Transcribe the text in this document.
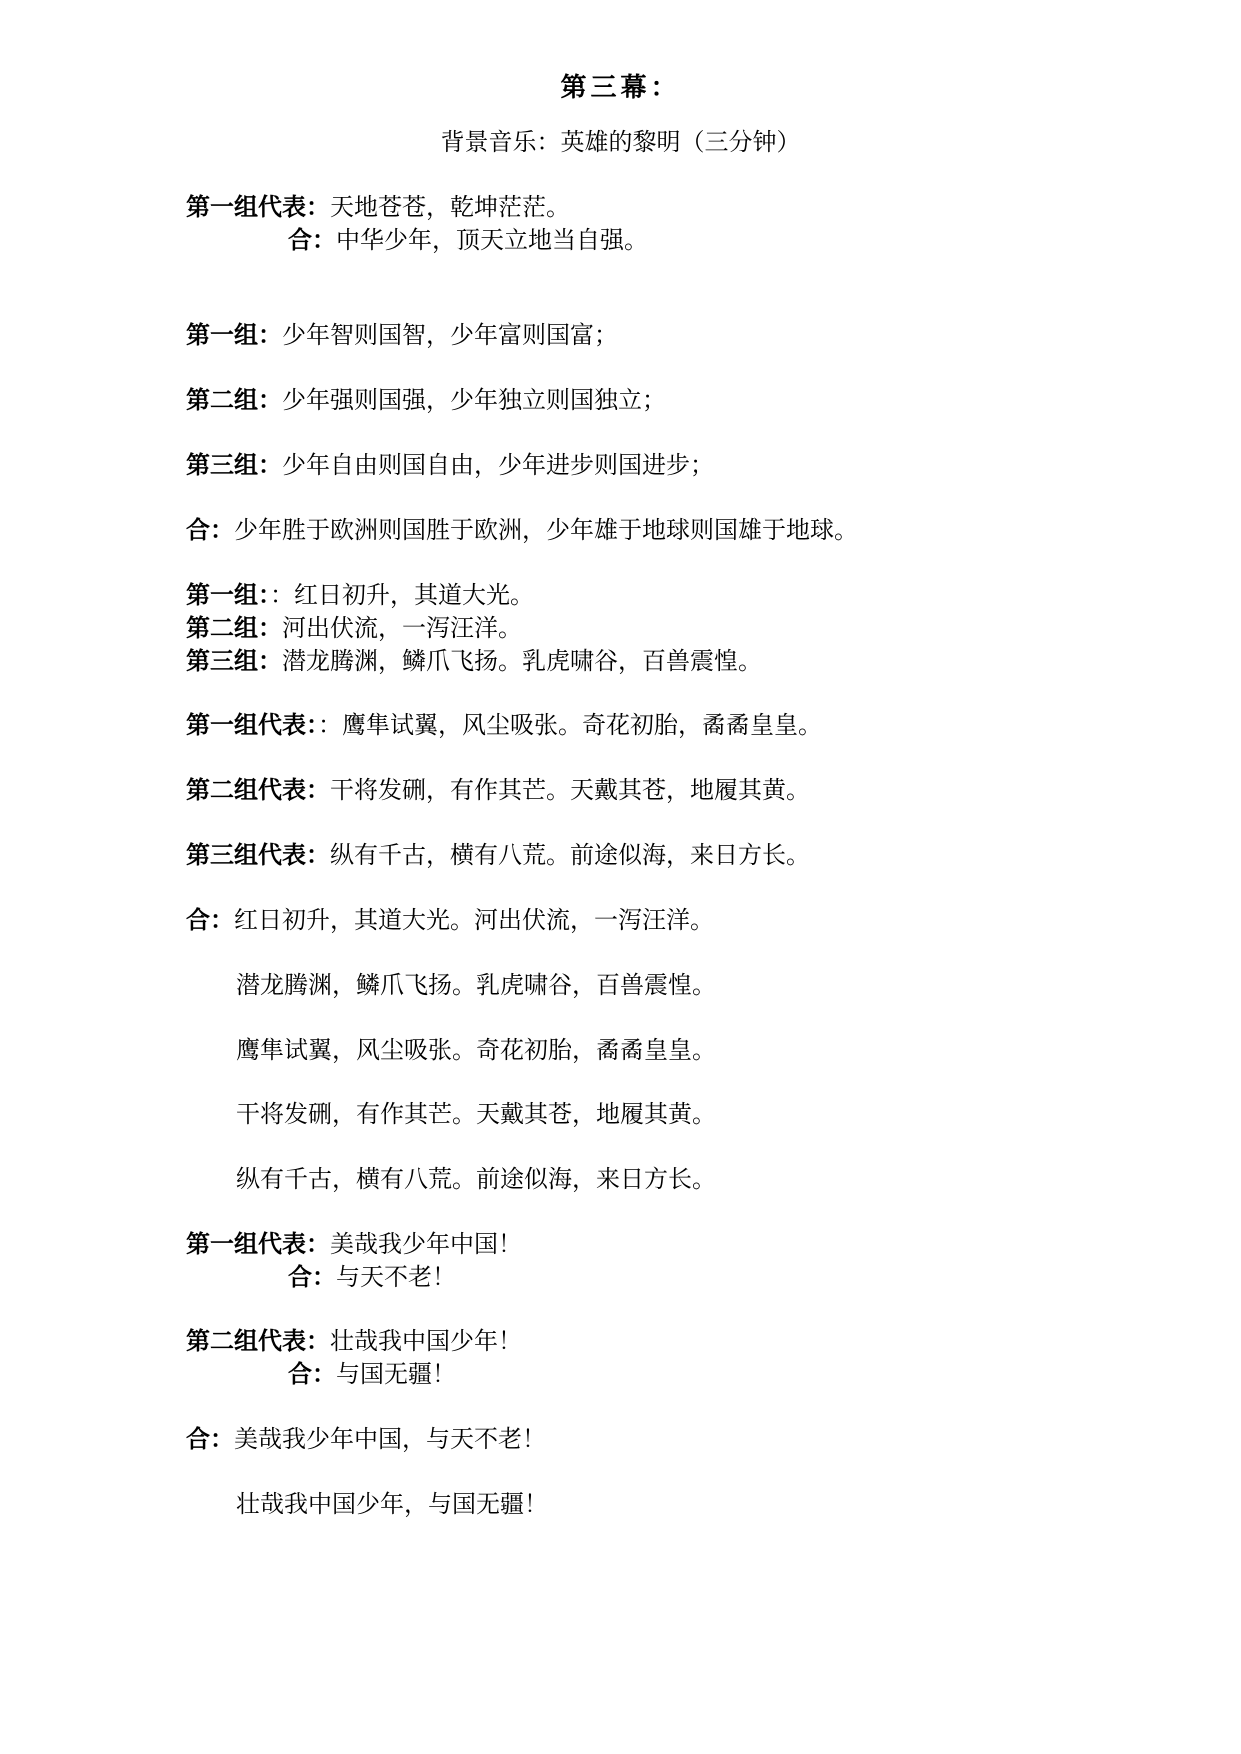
第三幕：
背景音乐：英雄的黎明（三分钟）
第一组代表：天地苍苍，乾坤茫茫。
合：中华少年，顶天立地当自强。
第一组：少年智则国智，少年富则国富；
第二组：少年强则国强，少年独立则国独立；
第三组：少年自由则国自由，少年进步则国进步；
合：少年胜于欧洲则国胜于欧洲，少年雄于地球则国雄于地球。
第一组：：红日初升，其道大光。
第二组：河出伏流，一泻汪洋。
第三组：潜龙腾渊，鳞爪飞扬。乳虎啸谷，百兽震惶。
第一组代表：：鹰隼试翼，风尘吸张。奇花初胎，矞矞皇皇。
第二组代表：干将发硎，有作其芒。天戴其苍，地履其黄。
第三组代表：纵有千古，横有八荒。前途似海，来日方长。
合：红日初升，其道大光。河出伏流，一泻汪洋。
潜龙腾渊，鳞爪飞扬。乳虎啸谷，百兽震惶。
鹰隼试翼，风尘吸张。奇花初胎，矞矞皇皇。
干将发硎，有作其芒。天戴其苍，地履其黄。
纵有千古，横有八荒。前途似海，来日方长。
第一组代表：美哉我少年中国！
合：与天不老！
第二组代表：壮哉我中国少年！
合：与国无疆！
合：美哉我少年中国，与天不老！
壮哉我中国少年，与国无疆！
